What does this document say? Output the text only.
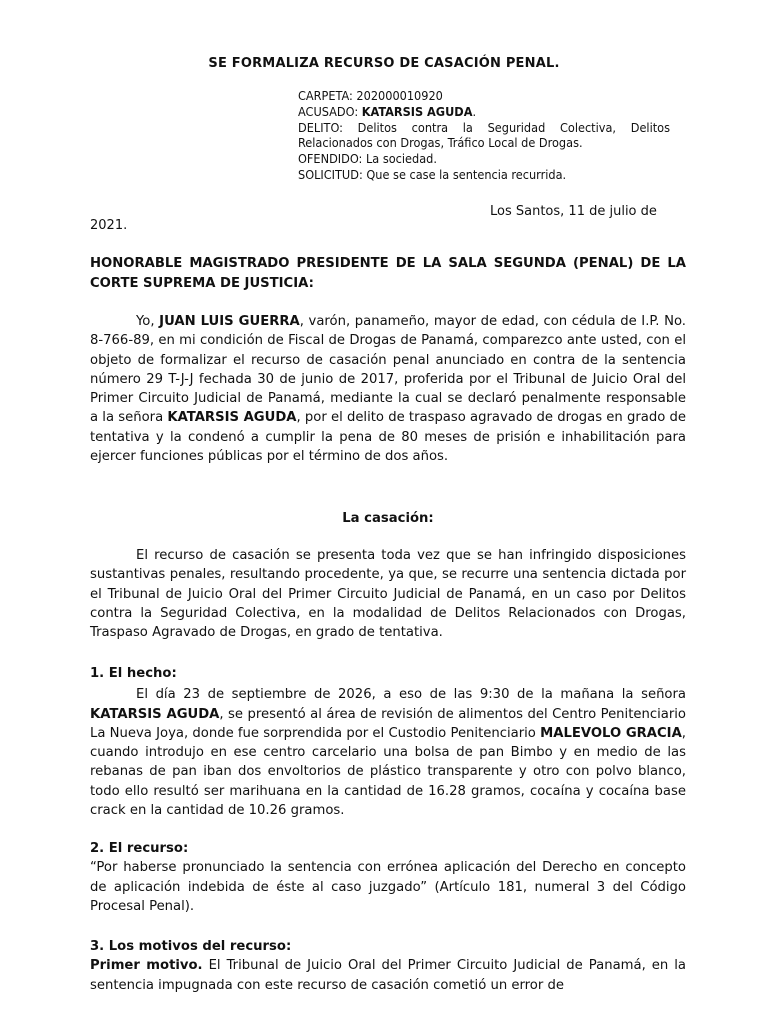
SE FORMALIZA RECURSO DE CASACIÓN PENAL.
CARPETA: 202000010920
ACUSADO: KATARSIS AGUDA.
DELITO: Delitos contra la Seguridad Colectiva, Delitos
Relacionados con Drogas, Tráfico Local de Drogas.
OFENDIDO: La sociedad.
SOLICITUD: Que se case la sentencia recurrida.
Los Santos, 11 de julio de
2021.

HONORABLE MAGISTRADO PRESIDENTE DE LA SALA SEGUNDA (PENAL) DE LA CORTE SUPREMA DE JUSTICIA:

Yo, JUAN LUIS GUERRA, varón, panameño, mayor de edad, con cédula de I.P. No. 8-766-89, en mi condición de Fiscal de Drogas de Panamá, comparezco ante usted, con el objeto de formalizar el recurso de casación penal anunciado en contra de la sentencia número 29 T-J-J fechada 30 de junio de 2017, proferida por el Tribunal de Juicio Oral del Primer Circuito Judicial de Panamá, mediante la cual se declaró penalmente responsable a la señora KATARSIS AGUDA, por el delito de traspaso agravado de drogas en grado de tentativa y la condenó a cumplir la pena de 80 meses de prisión e inhabilitación para ejercer funciones públicas por el término de dos años.

La casación:

El recurso de casación se presenta toda vez que se han infringido disposiciones sustantivas penales, resultando procedente, ya que, se recurre una sentencia dictada por el Tribunal de Juicio Oral del Primer Circuito Judicial de Panamá, en un caso por Delitos contra la Seguridad Colectiva, en la modalidad de Delitos Relacionados con Drogas, Traspaso Agravado de Drogas, en grado de tentativa.

1. El hecho:

El día 23 de septiembre de 2026, a eso de las 9:30 de la mañana la señora KATARSIS AGUDA, se presentó al área de revisión de alimentos del Centro Penitenciario La Nueva Joya, donde fue sorprendida por el Custodio Penitenciario MALEVOLO GRACIA, cuando introdujo en ese centro carcelario una bolsa de pan Bimbo y en medio de las rebanas de pan iban dos envoltorios de plástico transparente y otro con polvo blanco, todo ello resultó ser marihuana en la cantidad de 16.28 gramos, cocaína y cocaína base crack en la cantidad de 10.26 gramos.

2. El recurso:

“Por haberse pronunciado la sentencia con errónea aplicación del Derecho en concepto de aplicación indebida de éste al caso juzgado” (Artículo 181, numeral 3 del Código Procesal Penal).

3. Los motivos del recurso:

Primer motivo. El Tribunal de Juicio Oral del Primer Circuito Judicial de Panamá, en la sentencia impugnada con este recurso de casación cometió un error de
